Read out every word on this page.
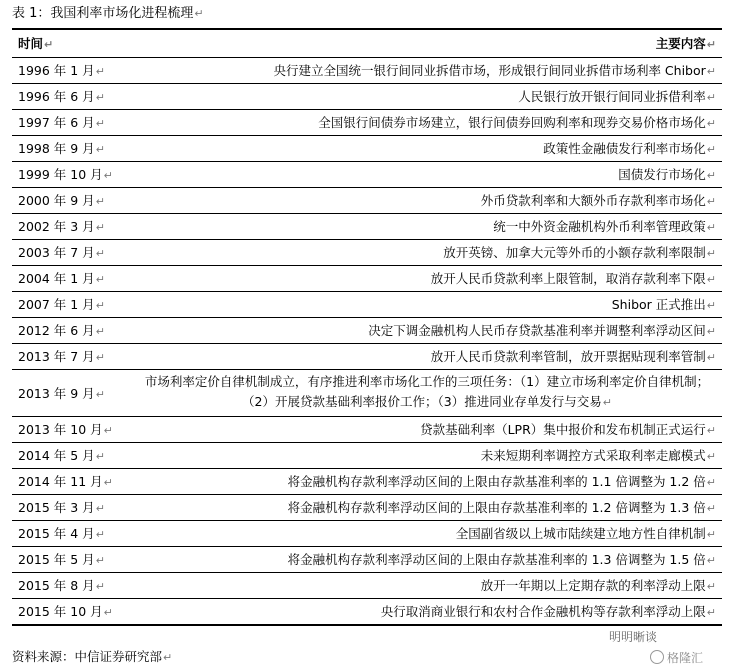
表 1：我国利率市场化进程梳理↵
时间↵	主要内容↵
1996 年 1 月↵	央行建立全国统一银行间同业拆借市场，形成银行间同业拆借市场利率 Chibor↵
1996 年 6 月↵	人民银行放开银行间同业拆借利率↵
1997 年 6 月↵	全国银行间债券市场建立，银行间债券回购利率和现券交易价格市场化↵
1998 年 9 月↵	政策性金融债发行利率市场化↵
1999 年 10 月↵	国债发行市场化↵
2000 年 9 月↵	外币贷款利率和大额外币存款利率市场化↵
2002 年 3 月↵	统一中外资金融机构外币利率管理政策↵
2003 年 7 月↵	放开英镑、加拿大元等外币的小额存款利率限制↵
2004 年 1 月↵	放开人民币贷款利率上限管制，取消存款利率下限↵
2007 年 1 月↵	Shibor 正式推出↵
2012 年 6 月↵	决定下调金融机构人民币存贷款基准利率并调整利率浮动区间↵
2013 年 7 月↵	放开人民币贷款利率管制，放开票据贴现利率管制↵
2013 年 9 月↵	市场利率定价自律机制成立，有序推进利率市场化工作的三项任务：（1）建立市场利率定价自律机制；（2）开展贷款基础利率报价工作；（3）推进同业存单发行与交易↵
2013 年 10 月↵	贷款基础利率（LPR）集中报价和发布机制正式运行↵
2014 年 5 月↵	未来短期利率调控方式采取利率走廊模式↵
2014 年 11 月↵	将金融机构存款利率浮动区间的上限由存款基准利率的 1.1 倍调整为 1.2 倍↵
2015 年 3 月↵	将金融机构存款利率浮动区间的上限由存款基准利率的 1.2 倍调整为 1.3 倍↵
2015 年 4 月↵	全国副省级以上城市陆续建立地方性自律机制↵
2015 年 5 月↵	将金融机构存款利率浮动区间的上限由存款基准利率的 1.3 倍调整为 1.5 倍↵
2015 年 8 月↵	放开一年期以上定期存款的利率浮动上限↵
2015 年 10 月↵	央行取消商业银行和农村合作金融机构等存款利率浮动上限↵
资料来源：中信证券研究部↵
明明晰谈
格隆汇
